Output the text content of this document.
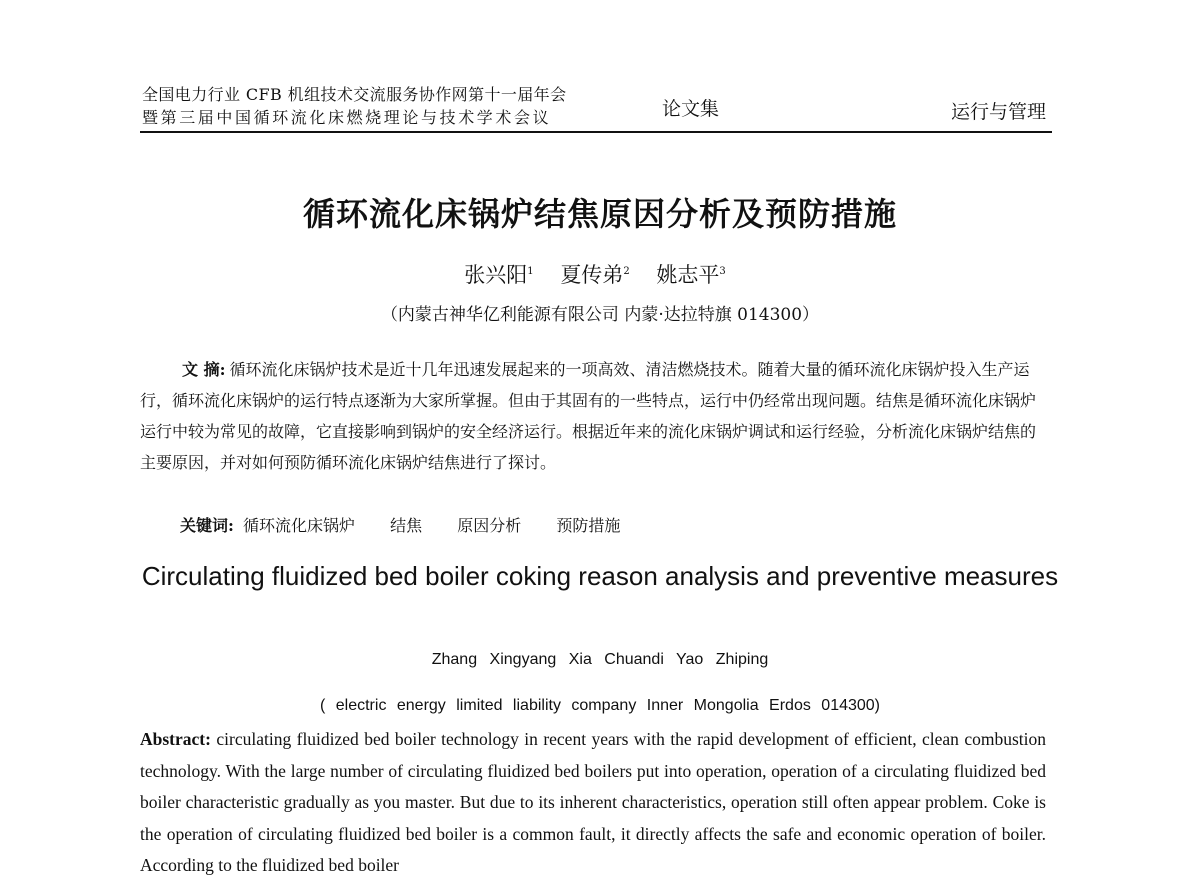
全国电力行业 CFB 机组技术交流服务协作网第十一届年会
暨第三届中国循环流化床燃烧理论与技术学术会议	论文集	运行与管理
循环流化床锅炉结焦原因分析及预防措施
张兴阳$^1$ 夏传弟$^2$ 姚志平$^3$
（内蒙古神华亿利能源有限公司 内蒙·达拉特旗 014300）

文 摘: 循环流化床锅炉技术是近十几年迅速发展起来的一项高效、清洁燃烧技术。随着大量的循环流化床锅炉投入生产运行，循环流化床锅炉的运行特点逐渐为大家所掌握。但由于其固有的一些特点，运行中仍经常出现问题。结焦是循环流化床锅炉运行中较为常见的故障，它直接影响到锅炉的安全经济运行。根据近年来的流化床锅炉调试和运行经验，分析流化床锅炉结焦的主要原因，并对如何预防循环流化床锅炉结焦进行了探讨。

关键词: 循环流化床锅炉 结焦 原因分析 预防措施
Circulating fluidized bed boiler coking reason analysis and preventive measures
Zhang Xingyang Xia Chuandi Yao Zhiping
( electric energy limited liability company Inner Mongolia Erdos 014300)

Abstract: circulating fluidized bed boiler technology in recent years with the rapid development of efficient, clean combustion technology. With the large number of circulating fluidized bed boilers put into operation, operation of a circulating fluidized bed boiler characteristic gradually as you master. But due to its inherent characteristics, operation still often appear problem. Coke is the operation of circulating fluidized bed boiler is a common fault, it directly affects the safe and economic operation of boiler. According to the fluidized bed boiler
